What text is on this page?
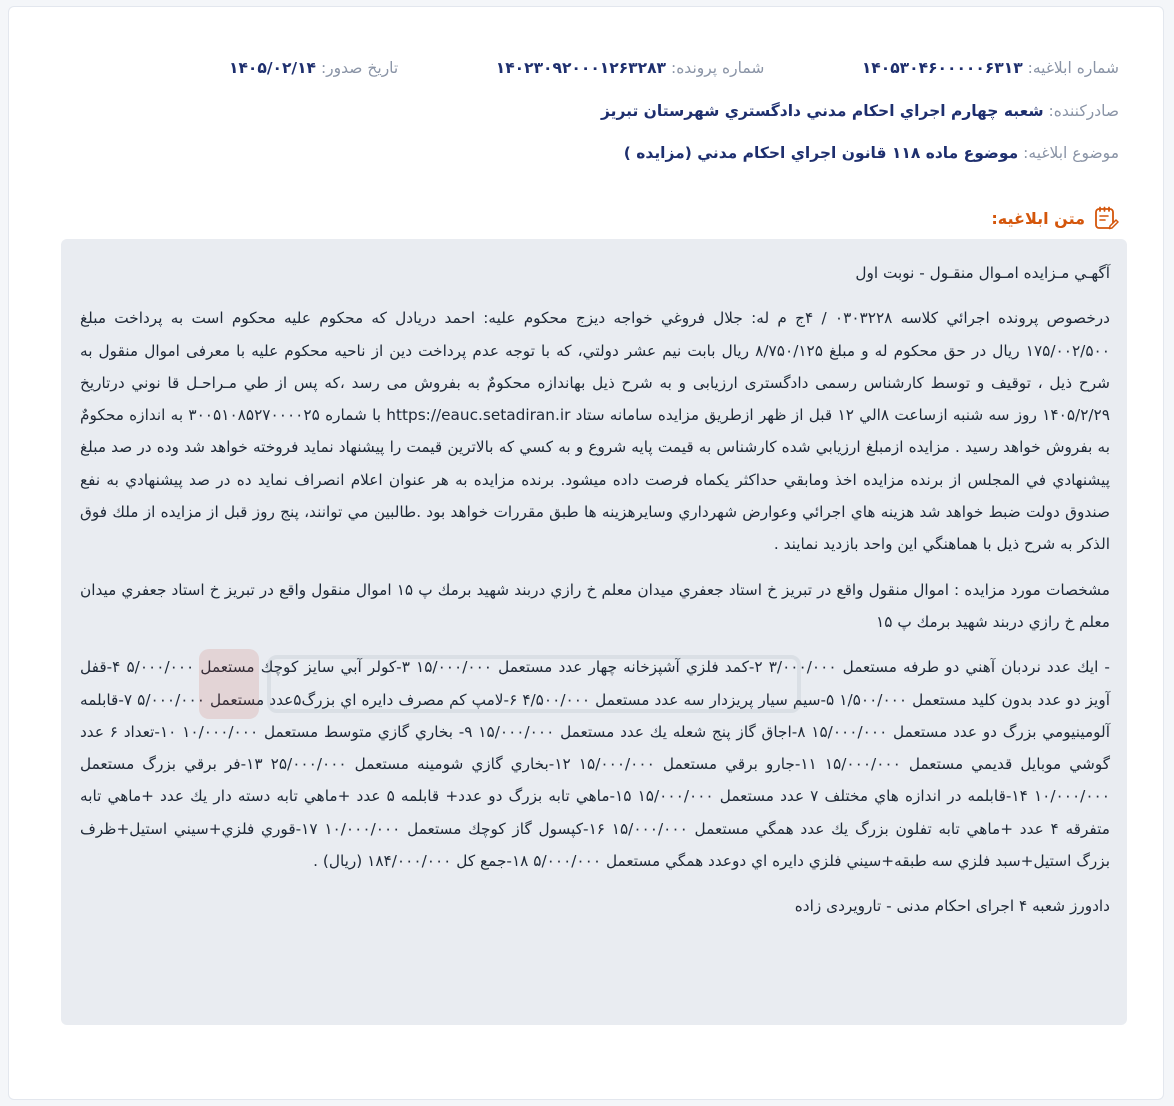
شماره ابلاغیه: ۱۴۰۵۳۰۴۶۰۰۰۰۰۶۳۱۳
شماره پرونده: ۱۴۰۲۳۰۹۲۰۰۰۱۲۶۳۲۸۳
تاریخ صدور: ۱۴۰۵/۰۲/۱۴
صادرکننده: شعبه چهارم اجراي احكام مدني دادگستري شهرستان تبريز
موضوع ابلاغیه: موضوع ماده ۱۱۸ قانون اجراي احكام مدني (مزايده )
متن ابلاغیه:

آگهـي مـزايده امـوال منقـول - نوبت اول

درخصوص پرونده اجرائي كلاسه ۰۳۰۳۲۲۸ / ۴ج م له: جلال فروغي خواجه ديزج محكوم عليه: احمد دريادل كه محكوم عليه محكوم است به پرداخت مبلغ ۱۷۵/۰۰۲/۵۰۰ ريال در حق محكوم له و مبلغ ۸/۷۵۰/۱۲۵ ريال بابت نيم عشر دولتي، كه با توجه عدم پرداخت دين از ناحيه محكوم عليه با معرفی اموال منقول به شرح ذيل ، توقيف و توسط كارشناس رسمی دادگستری ارزيابی و به شرح ذيل بهاندازه محكومٌ به بفروش می رسد ،كه پس از طي مـراحـل قا نوني درتاريخ ۱۴۰۵/۲/۲۹ روز سه شنبه ازساعت ۸الي ۱۲ قبل از ظهر ازطريق مزايده سامانه ستاد https://eauc.setadiran.ir با شماره ۳۰۰۵۱۰۸۵۲۷۰۰۰۰۲۵ به اندازه محکومٌ به بفروش خواهد رسيد . مزايده ازمبلغ ارزيابي شده كارشناس به قيمت پايه شروع و به كسي كه بالاترين قيمت را پيشنهاد نمايد فروخته خواهد شد وده در صد مبلغ پيشنهادي في المجلس از برنده مزايده اخذ ومابقي حداكثر يكماه فرصت داده ميشود. برنده مزايده به هر عنوان اعلام انصراف نمايد ده در صد پيشنهادي به نفع صندوق دولت ضبط خواهد شد هزينه هاي اجرائي وعوارض شهرداري وسايرهزينه ها طبق مقررات خواهد بود .طالبين مي توانند، پنج روز قبل از مزايده از ملك فوق الذكر به شرح ذيل با هماهنگي اين واحد بازديد نمايند .

مشخصات مورد مزايده : اموال منقول واقع در تبريز خ استاد جعفري ميدان معلم خ رازي دربند شهيد برمك پ ۱۵ اموال منقول واقع در تبريز خ استاد جعفري ميدان معلم خ رازي دربند شهيد برمك پ ۱۵

- ايك عدد نردبان آهني دو طرفه مستعمل ۳/۰۰۰/۰۰۰ ۲-كمد فلزي آشپزخانه چهار عدد مستعمل ۱۵/۰۰۰/۰۰۰ ۳-كولر آبي سايز كوچك مستعمل ۵/۰۰۰/۰۰۰ ۴-قفل آويز دو عدد بدون كليد مستعمل ۱/۵۰۰/۰۰۰ ۵-سيم سيار پريزدار سه عدد مستعمل ۴/۵۰۰/۰۰۰ ۶-لامپ كم مصرف دايره اي بزرگ۵عدد مستعمل ۵/۰۰۰/۰۰۰ ۷-قابلمه آلومينيومي بزرگ دو عدد مستعمل ۱۵/۰۰۰/۰۰۰ ۸-اجاق گاز پنج شعله يك عدد مستعمل ۱۵/۰۰۰/۰۰۰ ۹- بخاري گازي متوسط مستعمل ۱۰/۰۰۰/۰۰۰ ۱۰-تعداد ۶ عدد گوشي موبايل قديمي مستعمل ۱۵/۰۰۰/۰۰۰ ۱۱-جارو برقي مستعمل ۱۵/۰۰۰/۰۰۰ ۱۲-بخاري گازي شومينه مستعمل ۲۵/۰۰۰/۰۰۰ ۱۳-فر برقي بزرگ مستعمل ۱۰/۰۰۰/۰۰۰ ۱۴-قابلمه در اندازه هاي مختلف ۷ عدد مستعمل ۱۵/۰۰۰/۰۰۰ ۱۵-ماهي تابه بزرگ دو عدد+ قابلمه ۵ عدد +ماهي تابه دسته دار يك عدد +ماهي تابه متفرقه ۴ عدد +ماهي تابه تفلون بزرگ يك عدد همگي مستعمل ۱۵/۰۰۰/۰۰۰ ۱۶-كپسول گاز كوچك مستعمل ۱۰/۰۰۰/۰۰۰ ۱۷-قوري فلزي+سيني استيل+ظرف بزرگ استيل+سبد فلزي سه طبقه+سيني فلزي دايره اي دوعدد همگي مستعمل ۵/۰۰۰/۰۰۰ ۱۸-جمع كل ۱۸۴/۰۰۰/۰۰۰ (ريال) .

دادورز شعبه ۴ اجرای احکام مدنی - تارویردی زاده
